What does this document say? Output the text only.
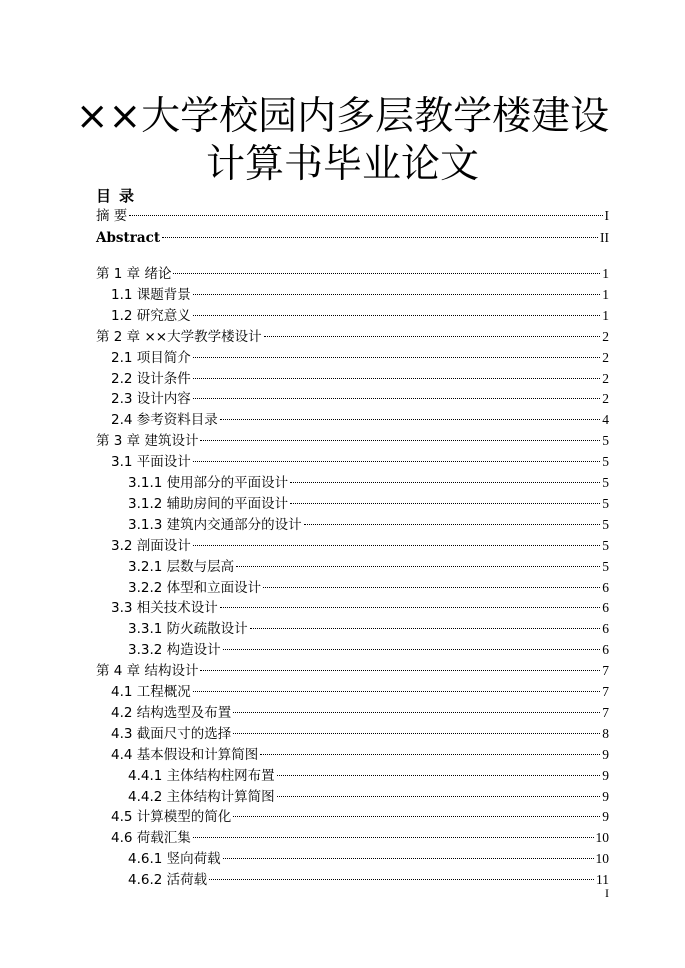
××大学校园内多层教学楼建设
计算书毕业论文
目录
摘 要	I
Abstract	II
第 1 章 绪论	1
1.1 课题背景	1
1.2 研究意义	1
第 2 章 ××大学教学楼设计	2
2.1 项目简介	2
2.2 设计条件	2
2.3 设计内容	2
2.4 参考资料目录	4
第 3 章 建筑设计	5
3.1 平面设计	5
3.1.1 使用部分的平面设计	5
3.1.2 辅助房间的平面设计	5
3.1.3 建筑内交通部分的设计	5
3.2 剖面设计	5
3.2.1 层数与层高	5
3.2.2 体型和立面设计	6
3.3 相关技术设计	6
3.3.1 防火疏散设计	6
3.3.2 构造设计	6
第 4 章 结构设计	7
4.1 工程概况	7
4.2 结构选型及布置	7
4.3 截面尺寸的选择	8
4.4 基本假设和计算简图	9
4.4.1 主体结构柱网布置	9
4.4.2 主体结构计算简图	9
4.5 计算模型的简化	9
4.6 荷载汇集	10
4.6.1 竖向荷载	10
4.6.2 活荷载	11
I
